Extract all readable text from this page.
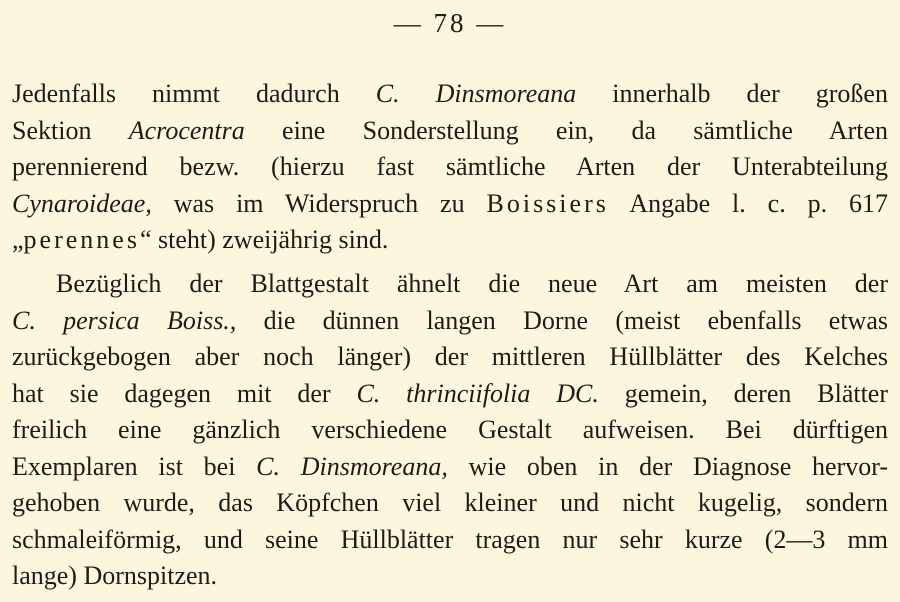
— 78 —

Jedenfalls nimmt dadurch C. Dinsmoreana innerhalb der großen
Sektion Acrocentra eine Sonderstellung ein, da sämtliche Arten
perennierend bezw. (hierzu fast sämtliche Arten der Unterabteilung
Cynaroideae, was im Widerspruch zu Boissiers Angabe l. c. p. 617
„perennes“ steht) zweijährig sind.

Bezüglich der Blattgestalt ähnelt die neue Art am meisten der
C. persica Boiss., die dünnen langen Dorne (meist ebenfalls etwas
zurückgebogen aber noch länger) der mittleren Hüllblätter des Kelches
hat sie dagegen mit der C. thrinciifolia DC. gemein, deren Blätter
freilich eine gänzlich verschiedene Gestalt aufweisen. Bei dürftigen
Exemplaren ist bei C. Dinsmoreana, wie oben in der Diagnose hervor-
gehoben wurde, das Köpfchen viel kleiner und nicht kugelig, sondern
schmaleiförmig, und seine Hüllblätter tragen nur sehr kurze (2—3 mm
lange) Dornspitzen.
